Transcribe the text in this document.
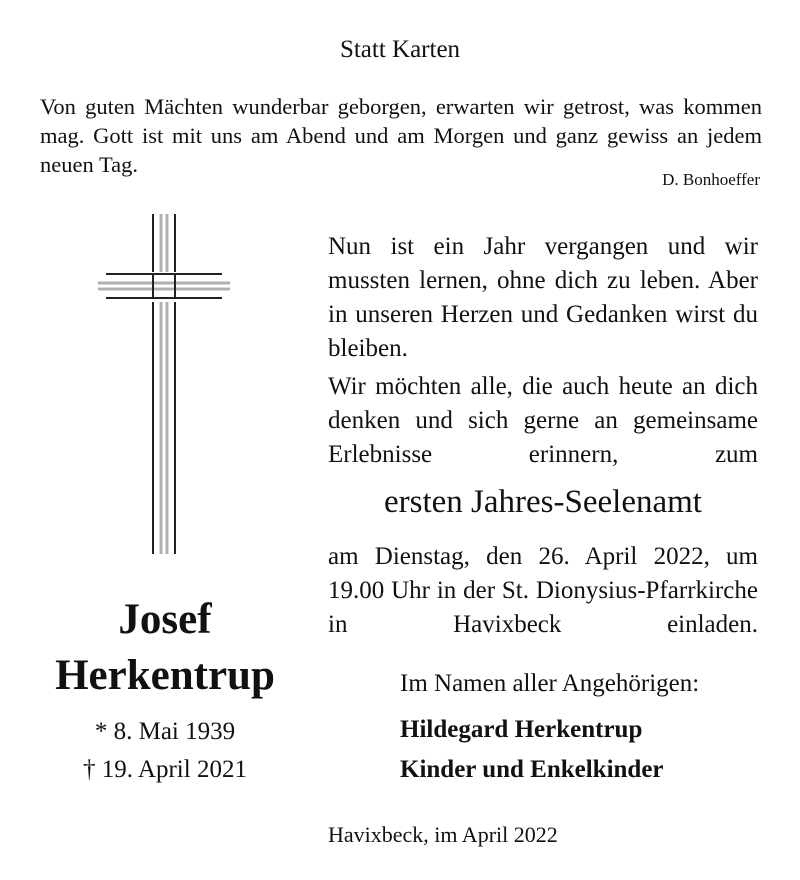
Statt Karten
Von guten Mächten wunderbar geborgen, erwarten wir getrost, was kommen mag. Gott ist mit uns am Abend und am Morgen und ganz gewiss an jedem neuen Tag.
D. Bonhoeffer

Nun ist ein Jahr vergangen und wir mussten lernen, ohne dich zu leben. Aber in unseren Herzen und Gedanken wirst du bleiben.

Wir möchten alle, die auch heute an dich denken und sich gerne an gemeinsame Erlebnisse erinnern, zum

ersten Jahres-Seelenamt

am Dienstag, den 26. April 2022, um 19.00 Uhr in der St. Dionysius-Pfarrkirche in Havixbeck einladen.

Josef
Herkentrup
* 8. Mai 1939
† 19. April 2021
Im Namen aller Angehörigen:
Hildegard Herkentrup
Kinder und Enkelkinder
Havixbeck, im April 2022
